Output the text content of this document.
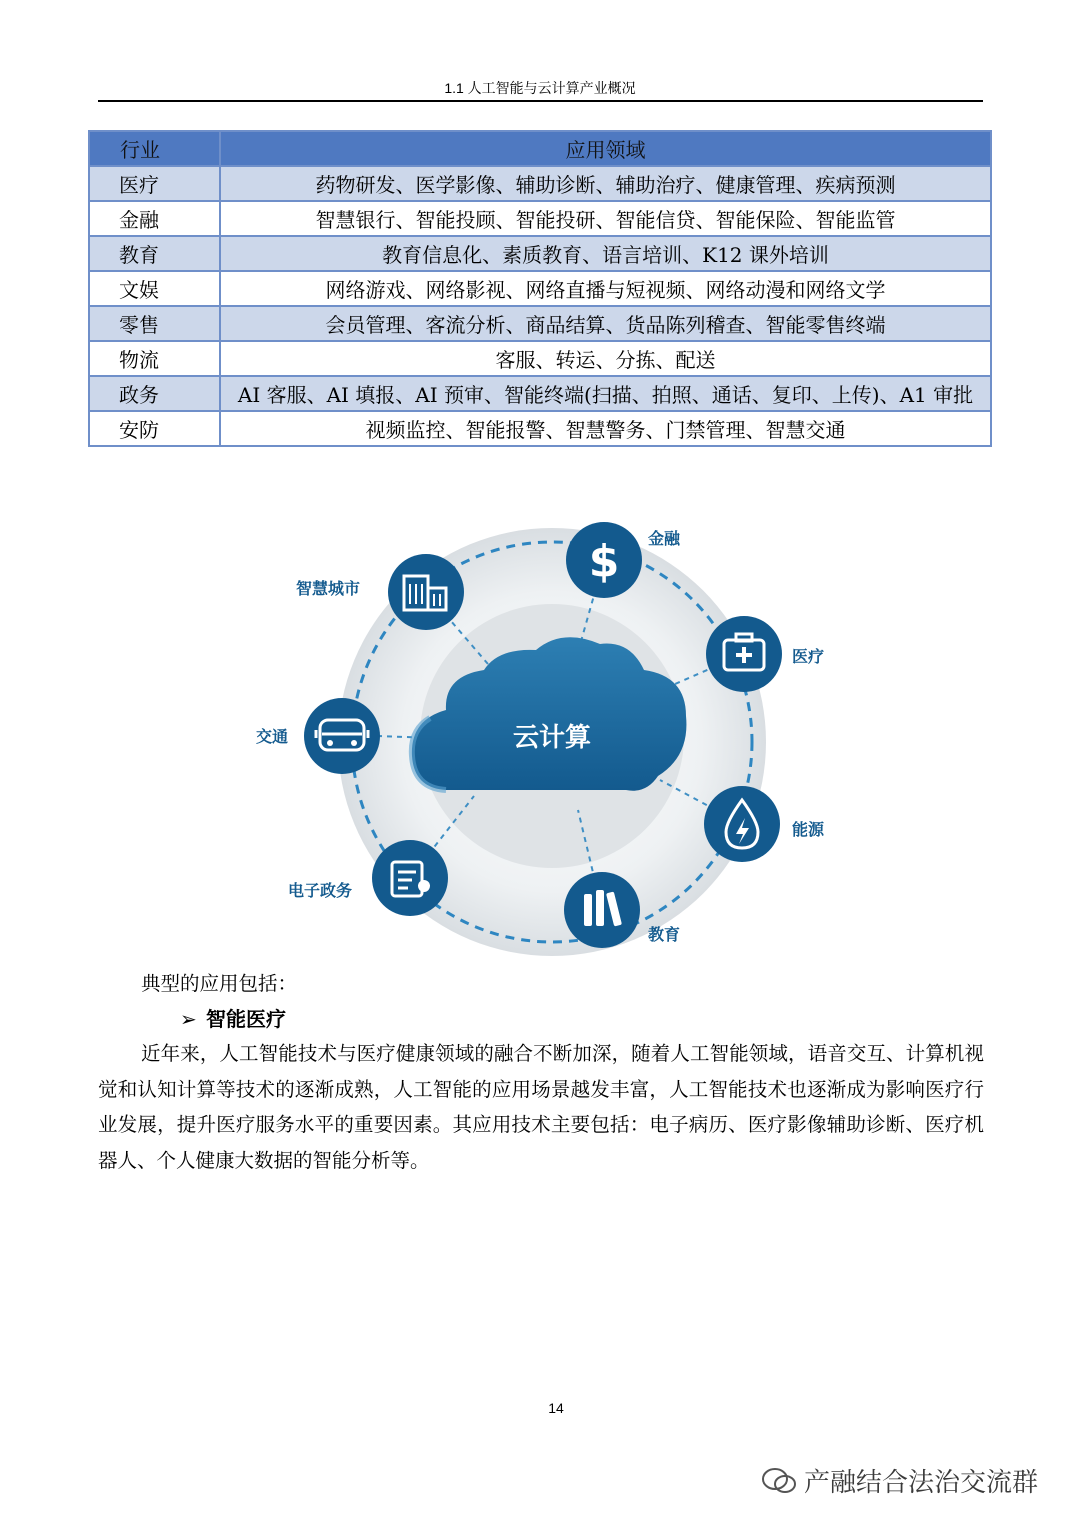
1.1 人工智能与云计算产业概况
行业	应用领域
医疗	药物研发、医学影像、辅助诊断、辅助治疗、健康管理、疾病预测
金融	智慧银行、智能投顾、智能投研、智能信贷、智能保险、智能监管
教育	教育信息化、素质教育、语言培训、K12 课外培训
文娱	网络游戏、网络影视、网络直播与短视频、网络动漫和网络文学
零售	会员管理、客流分析、商品结算、货品陈列稽查、智能零售终端
物流	客服、转运、分拣、配送
政务	AI 客服、AI 填报、AI 预审、智能终端(扫描、拍照、通话、复印、上传)、A1 审批
安防	视频监控、智能报警、智慧警务、门禁管理、智慧交通
云计算
$ 金融
医疗
能源
教育
电子政务
交通
智慧城市
典型的应用包括：
➢ 智能医疗
近年来，人工智能技术与医疗健康领域的融合不断加深，随着人工智能领域，语音交互、计算机视觉和认知计算等技术的逐渐成熟，人工智能的应用场景越发丰富，人工智能技术也逐渐成为影响医疗行业发展，提升医疗服务水平的重要因素。其应用技术主要包括：电子病历、医疗影像辅助诊断、医疗机器人、个人健康大数据的智能分析等。
14
产融结合法治交流群
